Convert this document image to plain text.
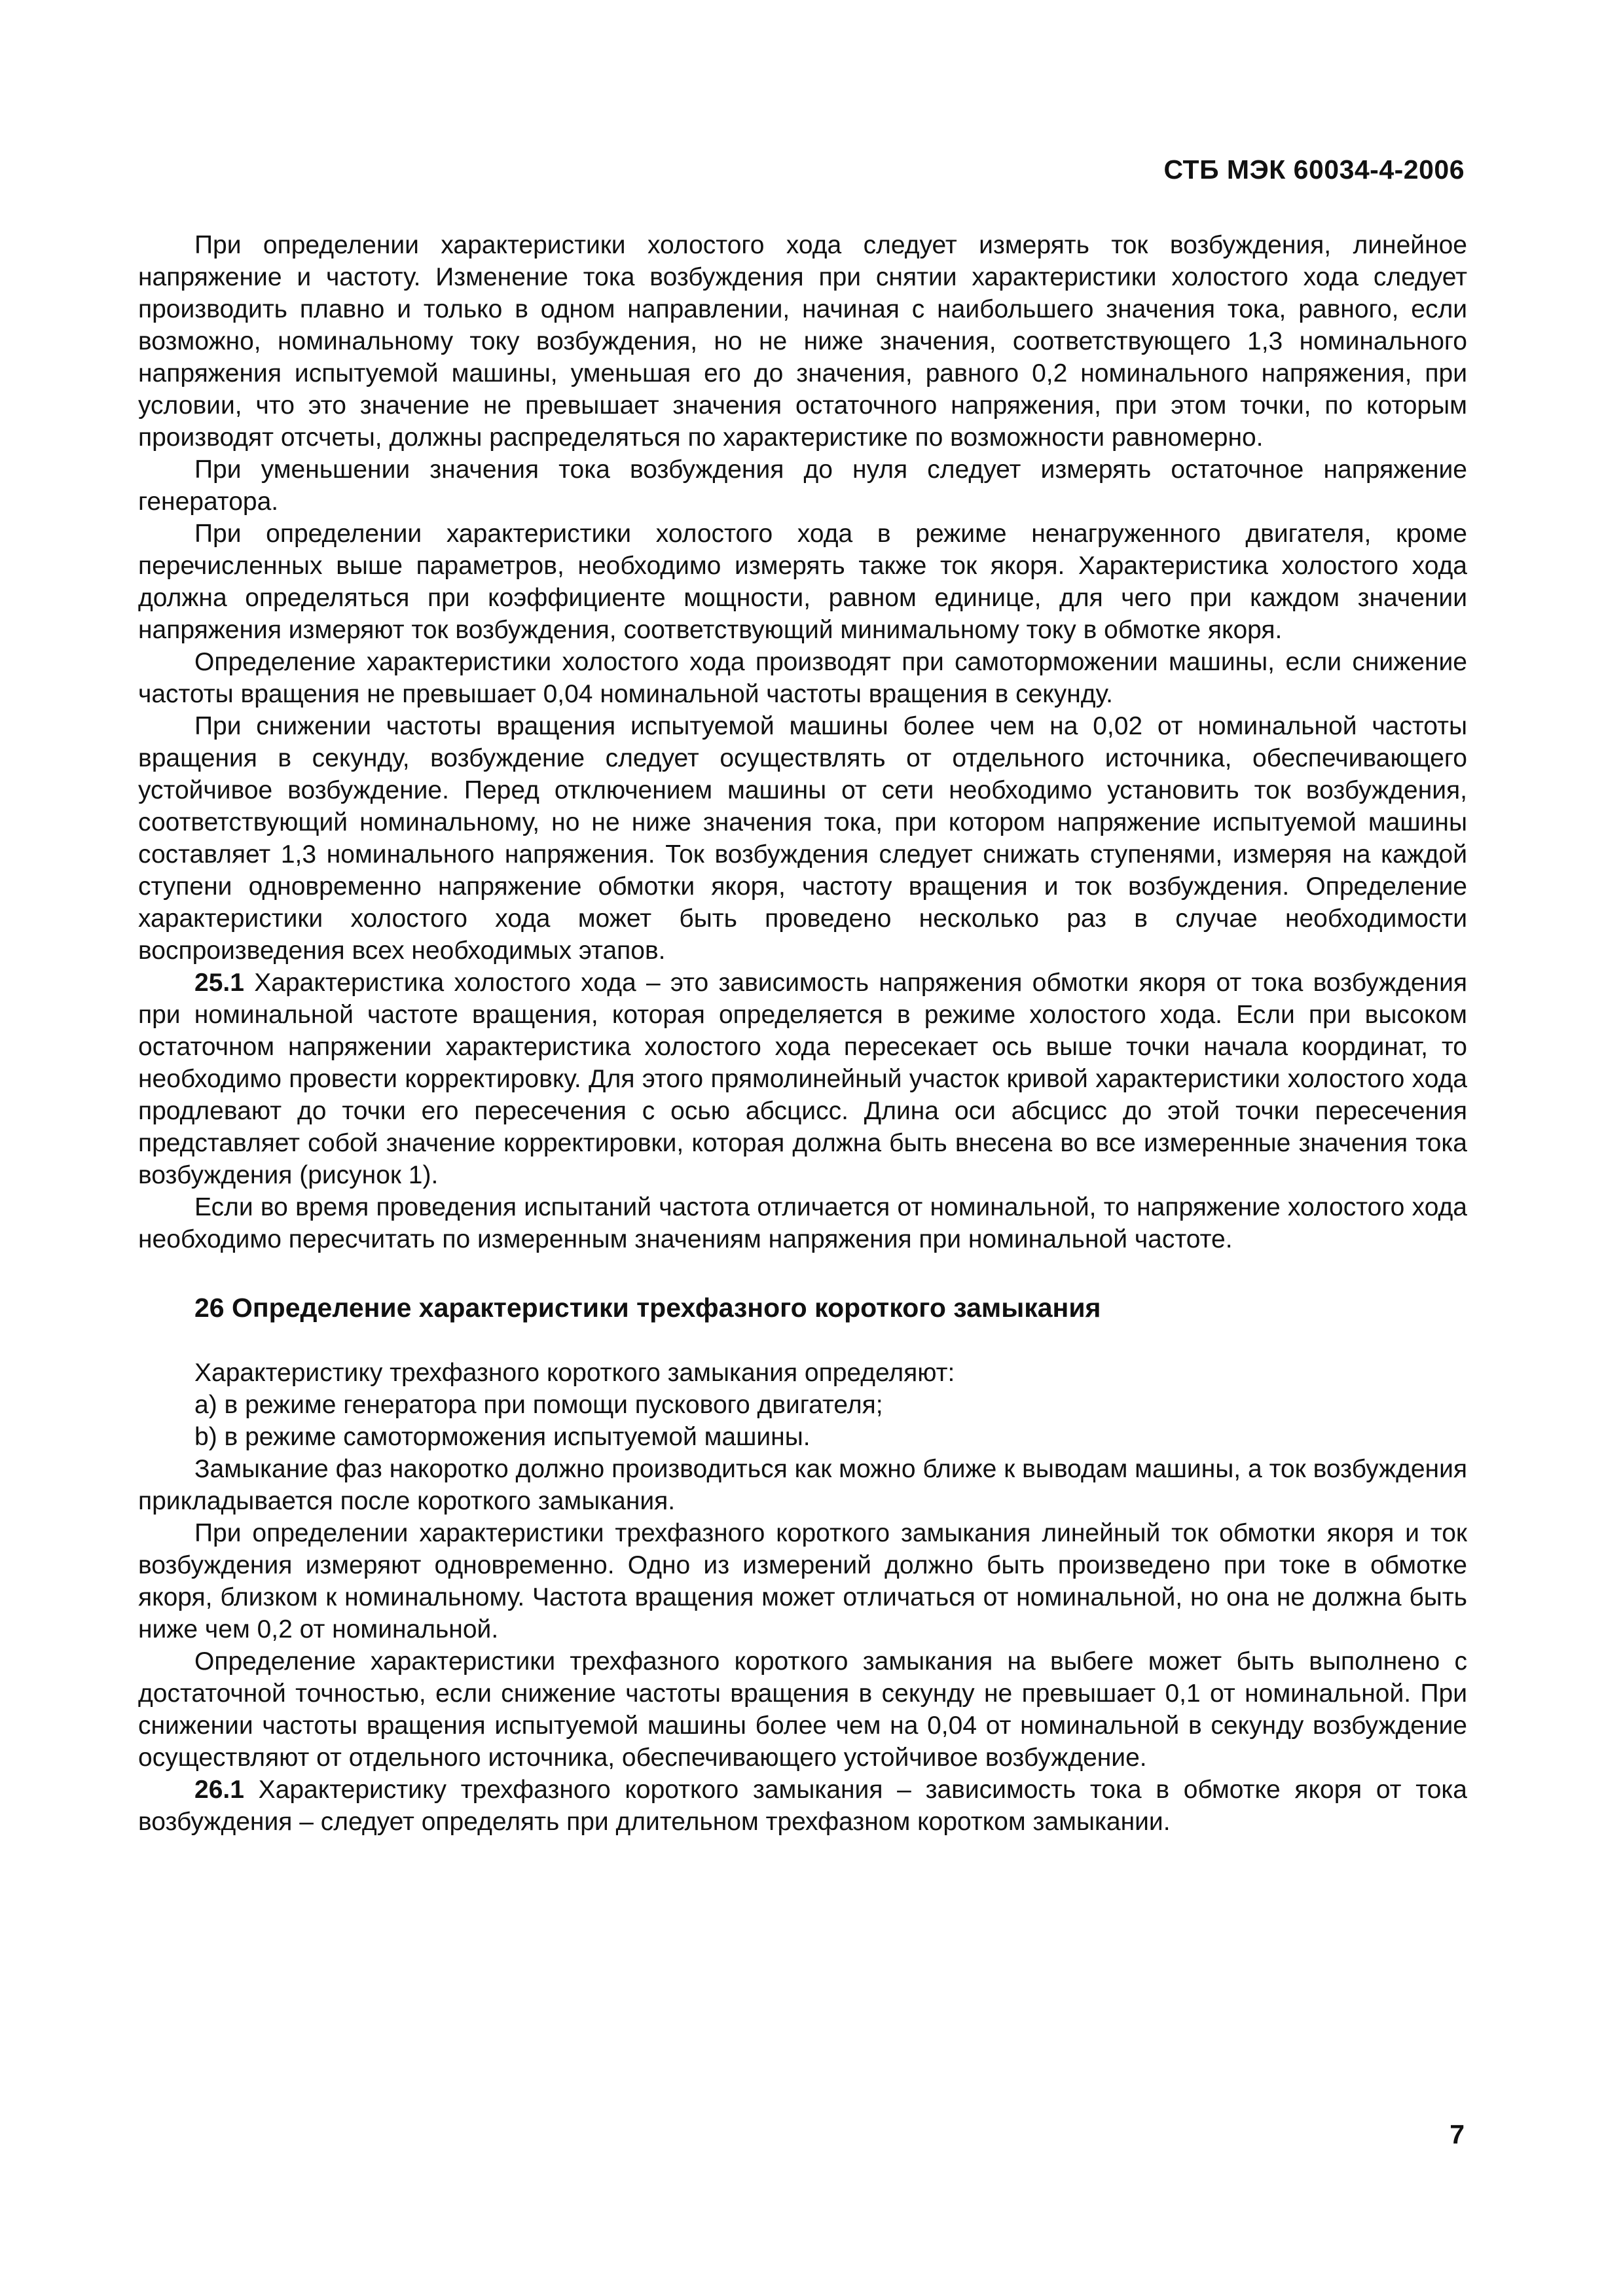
СТБ МЭК 60034-4-2006

При определении характеристики холостого хода следует измерять ток возбуждения, линейное напряжение и частоту. Изменение тока возбуждения при снятии характеристики холостого хода следует производить плавно и только в одном направлении, начиная с наибольшего значения тока, равного, если возможно, номинальному току возбуждения, но не ниже значения, соответствующего 1,3 номинального напряжения испытуемой машины, уменьшая его до значения, равного 0,2 номинального напряжения, при условии, что это значение не превышает значения остаточного напряжения, при этом точки, по которым производят отсчеты, должны распределяться по характеристике по возможности равномерно.

При уменьшении значения тока возбуждения до нуля следует измерять остаточное напряжение генератора.

При определении характеристики холостого хода в режиме ненагруженного двигателя, кроме перечисленных выше параметров, необходимо измерять также ток якоря. Характеристика холостого хода должна определяться при коэффициенте мощности, равном единице, для чего при каждом значении напряжения измеряют ток возбуждения, соответствующий минимальному току в обмотке якоря.

Определение характеристики холостого хода производят при самоторможении машины, если снижение частоты вращения не превышает 0,04 номинальной частоты вращения в секунду.

При снижении частоты вращения испытуемой машины более чем на 0,02 от номинальной частоты вращения в секунду, возбуждение следует осуществлять от отдельного источника, обеспечивающего устойчивое возбуждение. Перед отключением машины от сети необходимо установить ток возбуждения, соответствующий номинальному, но не ниже значения тока, при котором напряжение испытуемой машины составляет 1,3 номинального напряжения. Ток возбуждения следует снижать ступенями, измеряя на каждой ступени одновременно напряжение обмотки якоря, частоту вращения и ток возбуждения. Определение характеристики холостого хода может быть проведено несколько раз в случае необходимости воспроизведения всех необходимых этапов.

25.1 Характеристика холостого хода – это зависимость напряжения обмотки якоря от тока возбуждения при номинальной частоте вращения, которая определяется в режиме холостого хода. Если при высоком остаточном напряжении характеристика холостого хода пересекает ось выше точки начала координат, то необходимо провести корректировку. Для этого прямолинейный участок кривой характеристики холостого хода продлевают до точки его пересечения с осью абсцисс. Длина оси абсцисс до этой точки пересечения представляет собой значение корректировки, которая должна быть внесена во все измеренные значения тока возбуждения (рисунок 1).

Если во время проведения испытаний частота отличается от номинальной, то напряжение холостого хода необходимо пересчитать по измеренным значениям напряжения при номинальной частоте.

26 Определение характеристики трехфазного короткого замыкания

Характеристику трехфазного короткого замыкания определяют:

a) в режиме генератора при помощи пускового двигателя;

b) в режиме самоторможения испытуемой машины.

Замыкание фаз накоротко должно производиться как можно ближе к выводам машины, а ток возбуждения прикладывается после короткого замыкания.

При определении характеристики трехфазного короткого замыкания линейный ток обмотки якоря и ток возбуждения измеряют одновременно. Одно из измерений должно быть произведено при токе в обмотке якоря, близком к номинальному. Частота вращения может отличаться от номинальной, но она не должна быть ниже чем 0,2 от номинальной.

Определение характеристики трехфазного короткого замыкания на выбеге может быть выполнено с достаточной точностью, если снижение частоты вращения в секунду не превышает 0,1 от номинальной. При снижении частоты вращения испытуемой машины более чем на 0,04 от номинальной в секунду возбуждение осуществляют от отдельного источника, обеспечивающего устойчивое возбуждение.

26.1 Характеристику трехфазного короткого замыкания – зависимость тока в обмотке якоря от тока возбуждения – следует определять при длительном трехфазном коротком замыкании.

7
